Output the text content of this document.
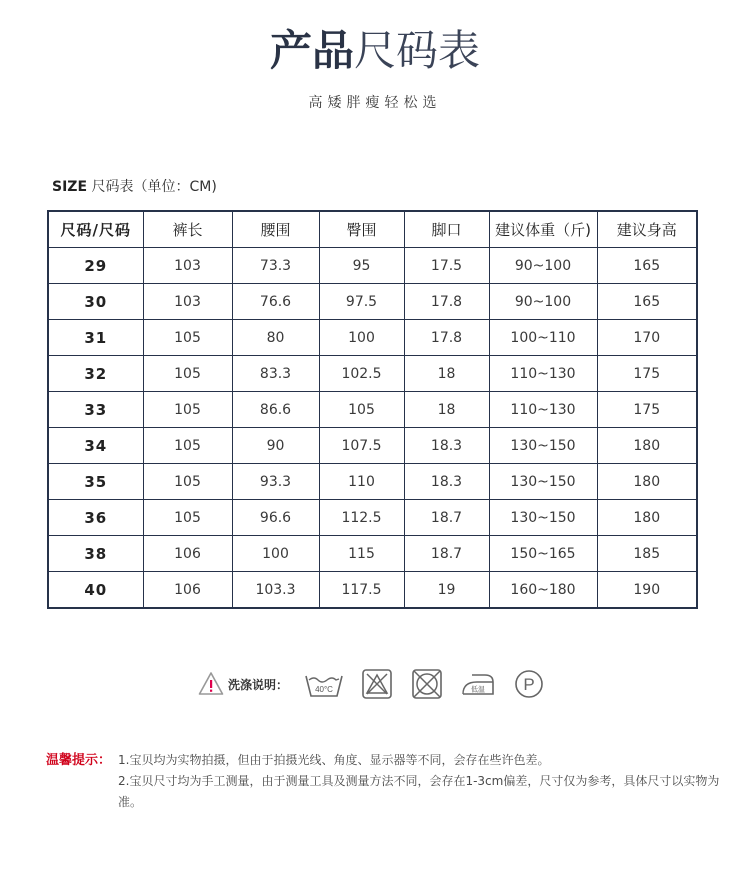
产品尺码表
高矮胖瘦轻松选
SIZE 尺码表（单位：CM)
尺码/尺码	裤长	腰围	臀围	脚口	建议体重（斤)	建议身高
29	103	73.3	95	17.5	90~100	165
30	103	76.6	97.5	17.8	90~100	165
31	105	80	100	17.8	100~110	170
32	105	83.3	102.5	18	110~130	175
33	105	86.6	105	18	110~130	175
34	105	90	107.5	18.3	130~150	180
35	105	93.3	110	18.3	130~150	180
36	105	96.6	112.5	18.7	130~150	180
38	106	100	115	18.7	150~165	185
40	106	103.3	117.5	19	160~180	190
洗涤说明：	40°C	低温 P
温馨提示： 1.宝贝均为实物拍摄，但由于拍摄光线、角度、显示器等不同，会存在些许色差。
2.宝贝尺寸均为手工测量，由于测量工具及测量方法不同，会存在1-3cm偏差，尺寸仅为参考，具体尺寸以实物为准。
